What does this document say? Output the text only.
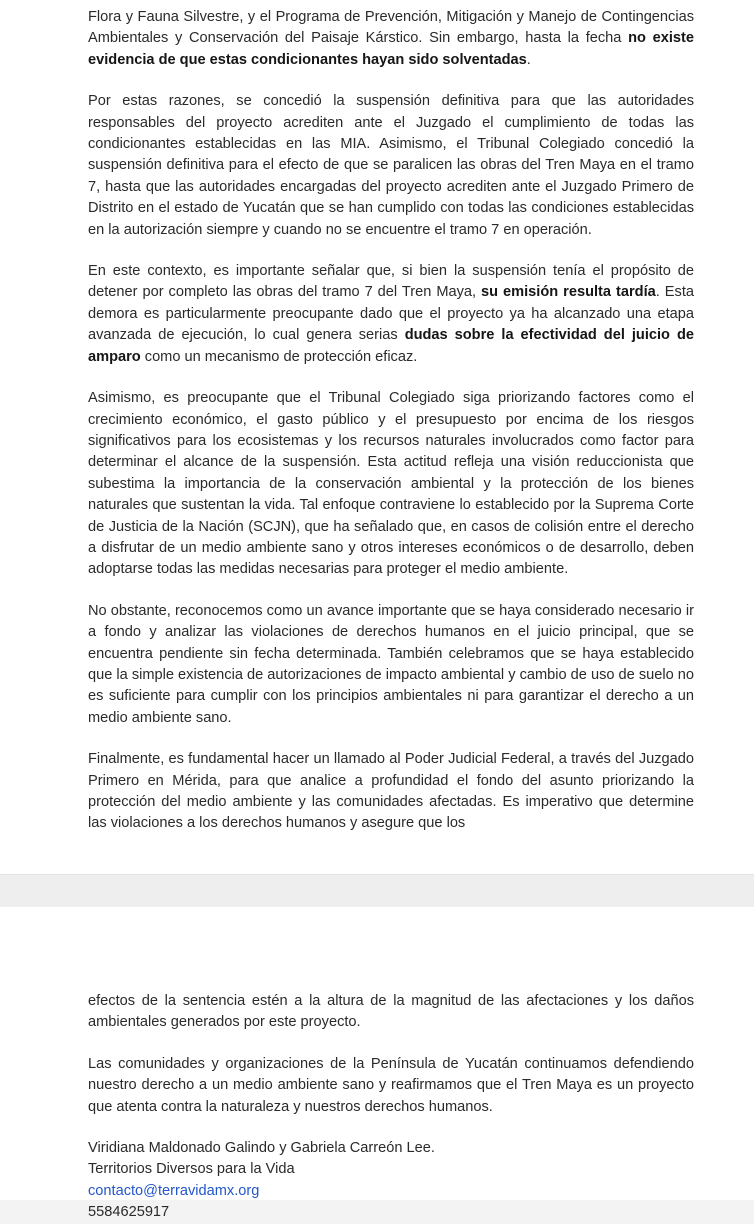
Flora y Fauna Silvestre, y el Programa de Prevención, Mitigación y Manejo de Contingencias Ambientales y Conservación del Paisaje Kárstico. Sin embargo, hasta la fecha no existe evidencia de que estas condicionantes hayan sido solventadas.

Por estas razones, se concedió la suspensión definitiva para que las autoridades responsables del proyecto acrediten ante el Juzgado el cumplimiento de todas las condicionantes establecidas en las MIA. Asimismo, el Tribunal Colegiado concedió la suspensión definitiva para el efecto de que se paralicen las obras del Tren Maya en el tramo 7, hasta que las autoridades encargadas del proyecto acrediten ante el Juzgado Primero de Distrito en el estado de Yucatán que se han cumplido con todas las condiciones establecidas en la autorización siempre y cuando no se encuentre el tramo 7 en operación.

En este contexto, es importante señalar que, si bien la suspensión tenía el propósito de detener por completo las obras del tramo 7 del Tren Maya, su emisión resulta tardía. Esta demora es particularmente preocupante dado que el proyecto ya ha alcanzado una etapa avanzada de ejecución, lo cual genera serias dudas sobre la efectividad del juicio de amparo como un mecanismo de protección eficaz.

Asimismo, es preocupante que el Tribunal Colegiado siga priorizando factores como el crecimiento económico, el gasto público y el presupuesto por encima de los riesgos significativos para los ecosistemas y los recursos naturales involucrados como factor para determinar el alcance de la suspensión. Esta actitud refleja una visión reduccionista que subestima la importancia de la conservación ambiental y la protección de los bienes naturales que sustentan la vida. Tal enfoque contraviene lo establecido por la Suprema Corte de Justicia de la Nación (SCJN), que ha señalado que, en casos de colisión entre el derecho a disfrutar de un medio ambiente sano y otros intereses económicos o de desarrollo, deben adoptarse todas las medidas necesarias para proteger el medio ambiente.

No obstante, reconocemos como un avance importante que se haya considerado necesario ir a fondo y analizar las violaciones de derechos humanos en el juicio principal, que se encuentra pendiente sin fecha determinada. También celebramos que se haya establecido que la simple existencia de autorizaciones de impacto ambiental y cambio de uso de suelo no es suficiente para cumplir con los principios ambientales ni para garantizar el derecho a un medio ambiente sano.

Finalmente, es fundamental hacer un llamado al Poder Judicial Federal, a través del Juzgado Primero en Mérida, para que analice a profundidad el fondo del asunto priorizando la protección del medio ambiente y las comunidades afectadas. Es imperativo que determine las violaciones a los derechos humanos y asegure que los

efectos de la sentencia estén a la altura de la magnitud de las afectaciones y los daños ambientales generados por este proyecto.

Las comunidades y organizaciones de la Península de Yucatán continuamos defendiendo nuestro derecho a un medio ambiente sano y reafirmamos que el Tren Maya es un proyecto que atenta contra la naturaleza y nuestros derechos humanos.

Viridiana Maldonado Galindo y Gabriela Carreón Lee.
Territorios Diversos para la Vida
contacto@terravidamx.org
5584625917
